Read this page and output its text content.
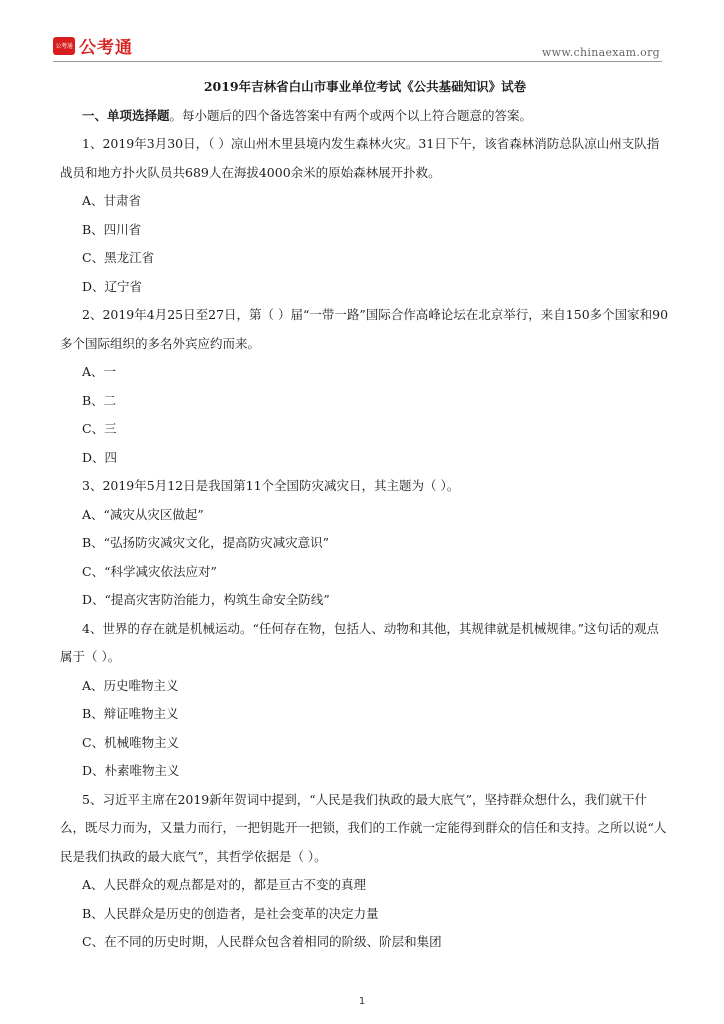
公考通 公考通	www.chinaexam.org

2019年吉林省白山市事业单位考试《公共基础知识》试卷

一、单项选择题。每小题后的四个备选答案中有两个或两个以上符合题意的答案。

1、2019年3月30日，（ ）凉山州木里县境内发生森林火灾。31日下午，该省森林消防总队凉山州支队指战员和地方扑火队员共689人在海拔4000余米的原始森林展开扑救。

A、甘肃省

B、四川省

C、黑龙江省

D、辽宁省

2、2019年4月25日至27日，第（ ）届“一带一路”国际合作高峰论坛在北京举行，来自150多个国家和90多个国际组织的多名外宾应约而来。

A、一

B、二

C、三

D、四

3、2019年5月12日是我国第11个全国防灾减灾日，其主题为（ ）。

A、“减灾从灾区做起”

B、“弘扬防灾减灾文化，提高防灾减灾意识”

C、“科学减灾依法应对”

D、“提高灾害防治能力，构筑生命安全防线”

4、世界的存在就是机械运动。“任何存在物，包括人、动物和其他，其规律就是机械规律。”这句话的观点属于（ ）。

A、历史唯物主义

B、辩证唯物主义

C、机械唯物主义

D、朴素唯物主义

5、习近平主席在2019新年贺词中提到，“人民是我们执政的最大底气”，坚持群众想什么，我们就干什么，既尽力而为，又量力而行，一把钥匙开一把锁，我们的工作就一定能得到群众的信任和支持。之所以说“人民是我们执政的最大底气”，其哲学依据是（ ）。

A、人民群众的观点都是对的，都是亘古不变的真理

B、人民群众是历史的创造者，是社会变革的决定力量

C、在不同的历史时期，人民群众包含着相同的阶级、阶层和集团

1
